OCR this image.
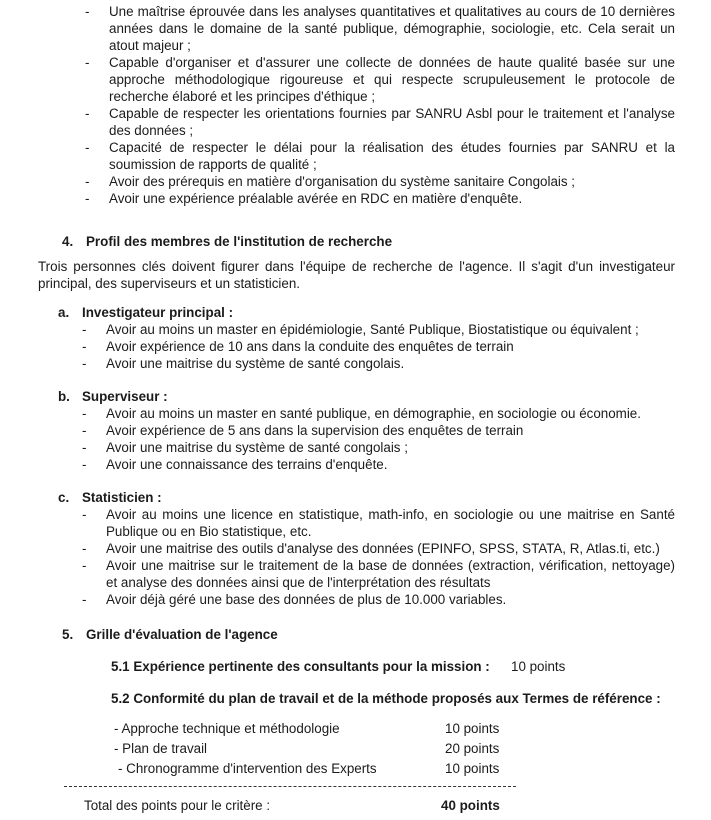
- Une maîtrise éprouvée dans les analyses quantitatives et qualitatives au cours de 10 dernières années dans le domaine de la santé publique, démographie, sociologie, etc. Cela serait un atout majeur ;
- Capable d'organiser et d'assurer une collecte de données de haute qualité basée sur une approche méthodologique rigoureuse et qui respecte scrupuleusement le protocole de recherche élaboré et les principes d'éthique ;
- Capable de respecter les orientations fournies par SANRU Asbl pour le traitement et l'analyse des données ;
- Capacité de respecter le délai pour la réalisation des études fournies par SANRU et la soumission de rapports de qualité ;
- Avoir des prérequis en matière d'organisation du système sanitaire Congolais ;
- Avoir une expérience préalable avérée en RDC en matière d'enquête.
4. Profil des membres de l'institution de recherche
Trois personnes clés doivent figurer dans l'équipe de recherche de l'agence. Il s'agit d'un investigateur principal, des superviseurs et un statisticien.
a. Investigateur principal :
- Avoir au moins un master en épidémiologie, Santé Publique, Biostatistique ou équivalent ;
- Avoir expérience de 10 ans dans la conduite des enquêtes de terrain
- Avoir une maitrise du système de santé congolais.
b. Superviseur :
- Avoir au moins un master en santé publique, en démographie, en sociologie ou économie.
- Avoir expérience de 5 ans dans la supervision des enquêtes de terrain
- Avoir une maitrise du système de santé congolais ;
- Avoir une connaissance des terrains d'enquête.
c. Statisticien :
- Avoir au moins une licence en statistique, math-info, en sociologie ou une maitrise en Santé Publique ou en Bio statistique, etc.
- Avoir une maitrise des outils d'analyse des données (EPINFO, SPSS, STATA, R, Atlas.ti, etc.)
- Avoir une maitrise sur le traitement de la base de données (extraction, vérification, nettoyage) et analyse des données ainsi que de l'interprétation des résultats
- Avoir déjà géré une base des données de plus de 10.000 variables.
5. Grille d'évaluation de l'agence
5.1 Expérience pertinente des consultants pour la mission : 10 points
5.2 Conformité du plan de travail et de la méthode proposés aux Termes de référence :
- Approche technique et méthodologie	10 points
- Plan de travail	20 points
- Chronogramme d'intervention des Experts	10 points
Total des points pour le critère :	40 points
